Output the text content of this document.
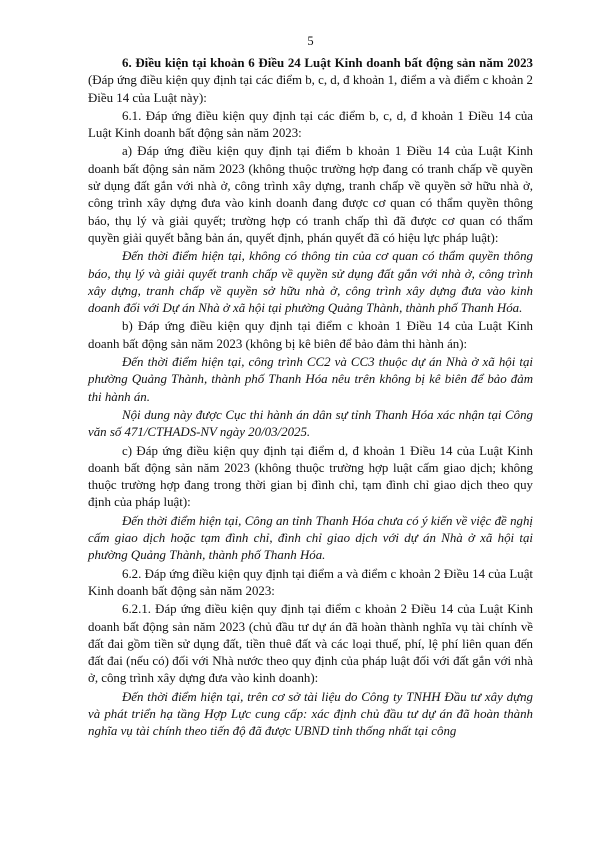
5

6. Điều kiện tại khoản 6 Điều 24 Luật Kinh doanh bất động sản năm 2023 (Đáp ứng điều kiện quy định tại các điểm b, c, d, đ khoản 1, điểm a và điểm c khoản 2 Điều 14 của Luật này):

6.1. Đáp ứng điều kiện quy định tại các điểm b, c, d, đ khoản 1 Điều 14 của Luật Kinh doanh bất động sản năm 2023:

a) Đáp ứng điều kiện quy định tại điểm b khoản 1 Điều 14 của Luật Kinh doanh bất động sản năm 2023 (không thuộc trường hợp đang có tranh chấp về quyền sử dụng đất gắn với nhà ở, công trình xây dựng, tranh chấp về quyền sở hữu nhà ở, công trình xây dựng đưa vào kinh doanh đang được cơ quan có thẩm quyền thông báo, thụ lý và giải quyết; trường hợp có tranh chấp thì đã được cơ quan có thẩm quyền giải quyết bằng bản án, quyết định, phán quyết đã có hiệu lực pháp luật):

Đến thời điểm hiện tại, không có thông tin của cơ quan có thẩm quyền thông báo, thụ lý và giải quyết tranh chấp về quyền sử dụng đất gắn với nhà ở, công trình xây dựng, tranh chấp về quyền sở hữu nhà ở, công trình xây dựng đưa vào kinh doanh đối với Dự án Nhà ở xã hội tại phường Quảng Thành, thành phố Thanh Hóa.

b) Đáp ứng điều kiện quy định tại điểm c khoản 1 Điều 14 của Luật Kinh doanh bất động sản năm 2023 (không bị kê biên để bảo đảm thi hành án):

Đến thời điểm hiện tại, công trình CC2 và CC3 thuộc dự án Nhà ở xã hội tại phường Quảng Thành, thành phố Thanh Hóa nêu trên không bị kê biên để bảo đảm thi hành án.

Nội dung này được Cục thi hành án dân sự tỉnh Thanh Hóa xác nhận tại Công văn số 471/CTHADS-NV ngày 20/03/2025.

c) Đáp ứng điều kiện quy định tại điểm d, đ khoản 1 Điều 14 của Luật Kinh doanh bất động sản năm 2023 (không thuộc trường hợp luật cấm giao dịch; không thuộc trường hợp đang trong thời gian bị đình chỉ, tạm đình chỉ giao dịch theo quy định của pháp luật):

Đến thời điểm hiện tại, Công an tỉnh Thanh Hóa chưa có ý kiến về việc đề nghị cấm giao dịch hoặc tạm đình chỉ, đình chỉ giao dịch với dự án Nhà ở xã hội tại phường Quảng Thành, thành phố Thanh Hóa.

6.2. Đáp ứng điều kiện quy định tại điểm a và điểm c khoản 2 Điều 14 của Luật Kinh doanh bất động sản năm 2023:

6.2.1. Đáp ứng điều kiện quy định tại điểm c khoản 2 Điều 14 của Luật Kinh doanh bất động sản năm 2023 (chủ đầu tư dự án đã hoàn thành nghĩa vụ tài chính về đất đai gồm tiền sử dụng đất, tiền thuê đất và các loại thuế, phí, lệ phí liên quan đến đất đai (nếu có) đối với Nhà nước theo quy định của pháp luật đối với đất gắn với nhà ở, công trình xây dựng đưa vào kinh doanh):

Đến thời điểm hiện tại, trên cơ sở tài liệu do Công ty TNHH Đầu tư xây dựng và phát triển hạ tầng Hợp Lực cung cấp: xác định chủ đầu tư dự án đã hoàn thành nghĩa vụ tài chính theo tiến độ đã được UBND tỉnh thống nhất tại công
